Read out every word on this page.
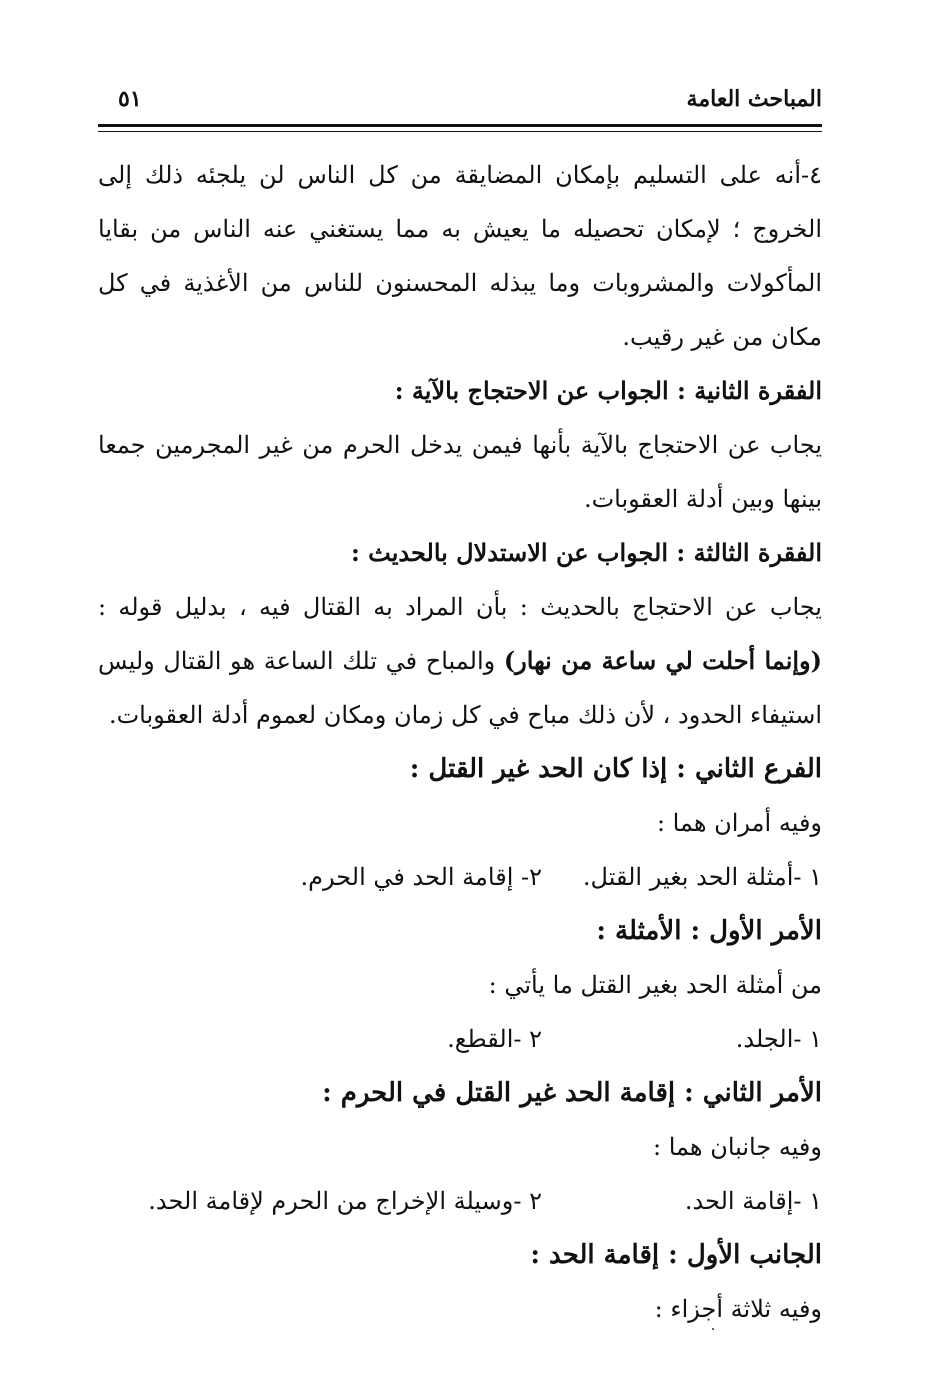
المباحث العامة
٥١

٤-أنه على التسليم بإمكان المضايقة من كل الناس لن يلجئه ذلك إلى الخروج ؛ لإمكان تحصيله ما يعيش به مما يستغني عنه الناس من بقايا المأكولات والمشروبات وما يبذله المحسنون للناس من الأغذية في كل مكان من غير رقيب.

الفقرة الثانية : الجواب عن الاحتجاج بالآية :

يجاب عن الاحتجاج بالآية بأنها فيمن يدخل الحرم من غير المجرمين جمعا بينها وبين أدلة العقوبات.

الفقرة الثالثة : الجواب عن الاستدلال بالحديث :

يجاب عن الاحتجاج بالحديث : بأن المراد به القتال فيه ، بدليل قوله : (وإنما أحلت لي ساعة من نهار) والمباح في تلك الساعة هو القتال وليس استيفاء الحدود ، لأن ذلك مباح في كل زمان ومكان لعموم أدلة العقوبات.

الفرع الثاني : إذا كان الحد غير القتل :

وفيه أمران هما :

١ -أمثلة الحد بغير القتل.
٢- إقامة الحد في الحرم.

الأمر الأول : الأمثلة :

من أمثلة الحد بغير القتل ما يأتي :

١ -الجلد.
٢ -القطع.

الأمر الثاني : إقامة الحد غير القتل في الحرم :

وفيه جانبان هما :

١ -إقامة الحد.
٢ -وسيلة الإخراج من الحرم لإقامة الحد.

الجانب الأول : إقامة الحد :

وفيه ثلاثة أجزاء :
